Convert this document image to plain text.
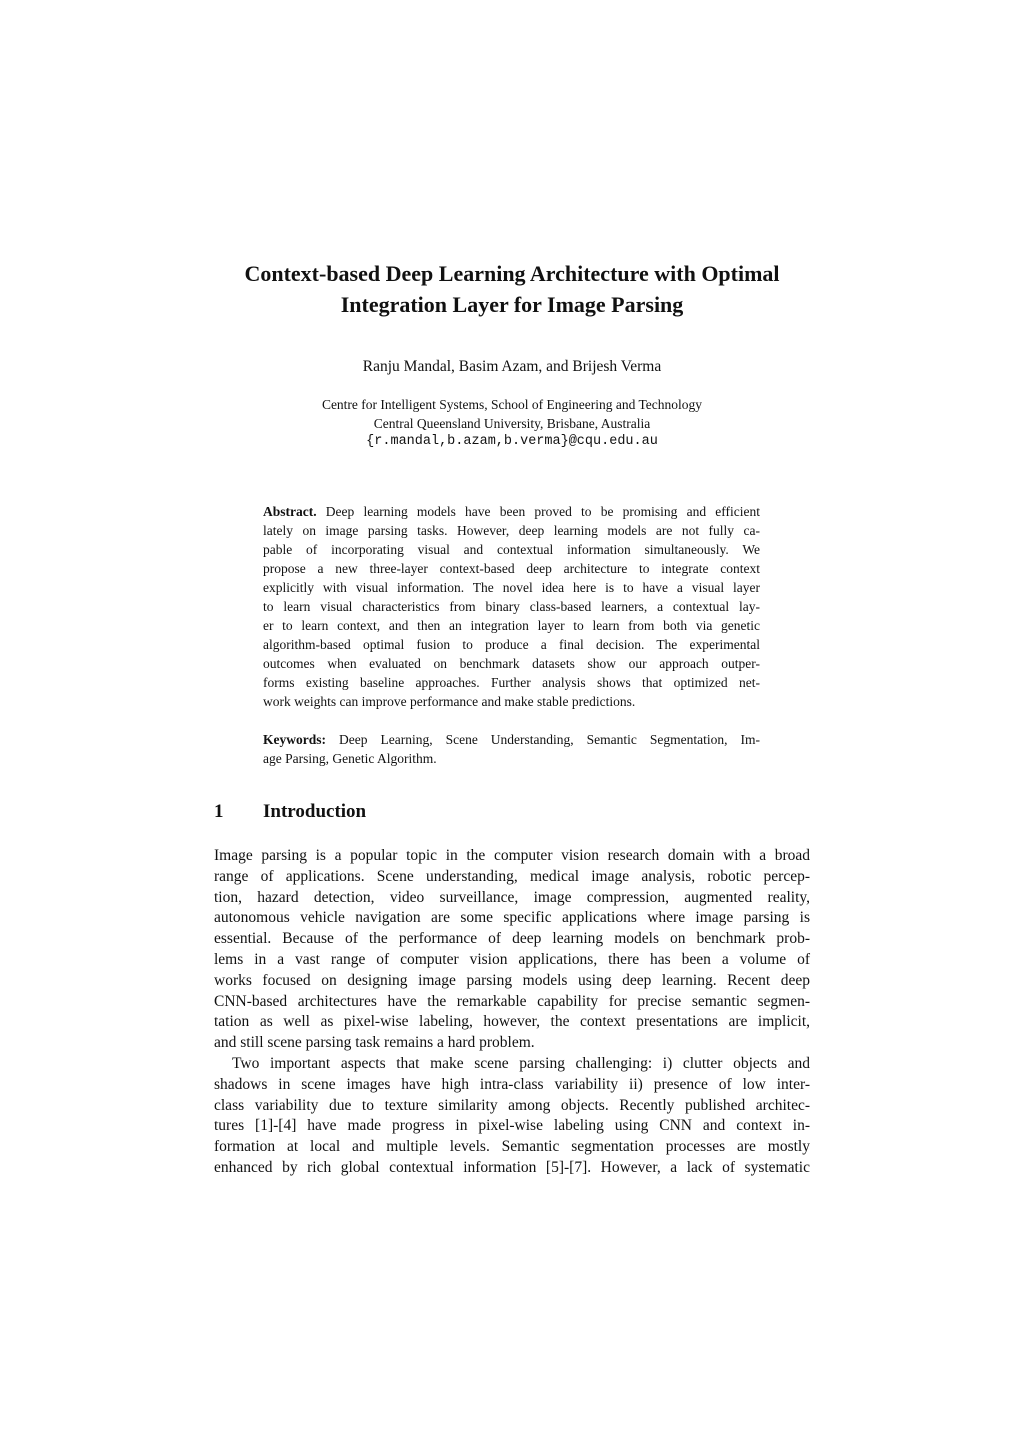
Context-based Deep Learning Architecture with Optimal
Integration Layer for Image Parsing

Ranju Mandal, Basim Azam, and Brijesh Verma

Centre for Intelligent Systems, School of Engineering and Technology
Central Queensland University, Brisbane, Australia
{r.mandal,b.azam,b.verma}@cqu.edu.au
Abstract. Deep learning models have been proved to be promising and efficient
lately on image parsing tasks. However, deep learning models are not fully ca-
pable of incorporating visual and contextual information simultaneously. We
propose a new three-layer context-based deep architecture to integrate context
explicitly with visual information. The novel idea here is to have a visual layer
to learn visual characteristics from binary class-based learners, a contextual lay-
er to learn context, and then an integration layer to learn from both via genetic
algorithm-based optimal fusion to produce a final decision. The experimental
outcomes when evaluated on benchmark datasets show our approach outper-
forms existing baseline approaches. Further analysis shows that optimized net-
work weights can improve performance and make stable predictions.
Keywords: Deep Learning, Scene Understanding, Semantic Segmentation, Im-
age Parsing, Genetic Algorithm.
1 Introduction
Image parsing is a popular topic in the computer vision research domain with a broad
range of applications. Scene understanding, medical image analysis, robotic percep-
tion, hazard detection, video surveillance, image compression, augmented reality,
autonomous vehicle navigation are some specific applications where image parsing is
essential. Because of the performance of deep learning models on benchmark prob-
lems in a vast range of computer vision applications, there has been a volume of
works focused on designing image parsing models using deep learning. Recent deep
CNN-based architectures have the remarkable capability for precise semantic segmen-
tation as well as pixel-wise labeling, however, the context presentations are implicit,
and still scene parsing task remains a hard problem.
Two important aspects that make scene parsing challenging: i) clutter objects and
shadows in scene images have high intra-class variability ii) presence of low inter-
class variability due to texture similarity among objects. Recently published architec-
tures [1]-[4] have made progress in pixel-wise labeling using CNN and context in-
formation at local and multiple levels. Semantic segmentation processes are mostly
enhanced by rich global contextual information [5]-[7]. However, a lack of systematic
